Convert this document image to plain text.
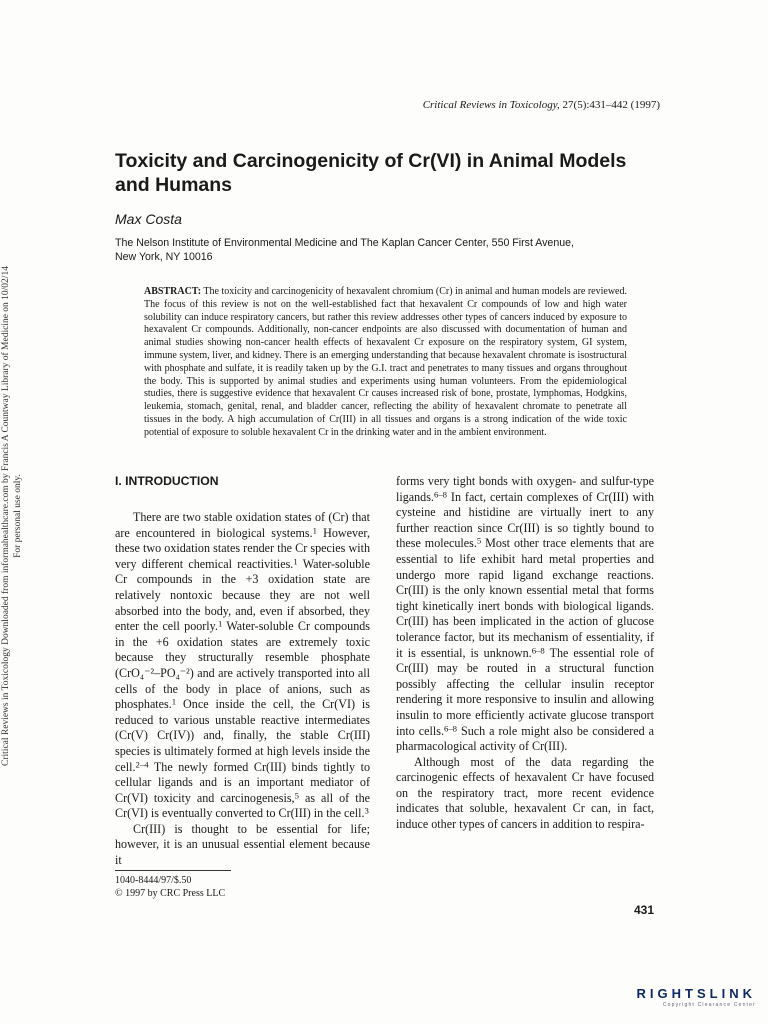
Critical Reviews in Toxicology Downloaded from informahealthcare.com by Francis A Countway Library of Medicine on 10/02/14 For personal use only.
Critical Reviews in Toxicology, 27(5):431–442 (1997)
Toxicity and Carcinogenicity of Cr(VI) in Animal Models and Humans
Max Costa
The Nelson Institute of Environmental Medicine and The Kaplan Cancer Center, 550 First Avenue,
New York, NY 10016

ABSTRACT: The toxicity and carcinogenicity of hexavalent chromium (Cr) in animal and human models are reviewed. The focus of this review is not on the well-established fact that hexavalent Cr compounds of low and high water solubility can induce respiratory cancers, but rather this review addresses other types of cancers induced by exposure to hexavalent Cr compounds. Additionally, non-cancer endpoints are also discussed with documentation of human and animal studies showing non-cancer health effects of hexavalent Cr exposure on the respiratory system, GI system, immune system, liver, and kidney. There is an emerging understanding that because hexavalent chromate is isostructural with phosphate and sulfate, it is readily taken up by the G.I. tract and penetrates to many tissues and organs throughout the body. This is supported by animal studies and experiments using human volunteers. From the epidemiological studies, there is suggestive evidence that hexavalent Cr causes increased risk of bone, prostate, lymphomas, Hodgkins, leukemia, stomach, genital, renal, and bladder cancer, reflecting the ability of hexavalent chromate to penetrate all tissues in the body. A high accumulation of Cr(III) in all tissues and organs is a strong indication of the wide toxic potential of exposure to soluble hexavalent Cr in the drinking water and in the ambient environment.

I. INTRODUCTION

There are two stable oxidation states of (Cr) that are encountered in biological systems.$^1$ However, these two oxidation states render the Cr species with very different chemical reactivities.$^1$ Water-soluble Cr compounds in the +3 oxidation state are relatively nontoxic because they are not well absorbed into the body, and, even if absorbed, they enter the cell poorly.$^1$ Water-soluble Cr compounds in the +6 oxidation states are extremely toxic because they structurally resemble phosphate (CrO₄⁻²–PO₄⁻²) and are actively transported into all cells of the body in place of anions, such as phosphates.$^1$ Once inside the cell, the Cr(VI) is reduced to various unstable reactive intermediates (Cr(V) Cr(IV)) and, finally, the stable Cr(III) species is ultimately formed at high levels inside the cell.$^{2-4}$ The newly formed Cr(III) binds tightly to cellular ligands and is an important mediator of Cr(VI) toxicity and carcinogenesis,$^5$ as all of the Cr(VI) is eventually converted to Cr(III) in the cell.$^3$

Cr(III) is thought to be essential for life; however, it is an unusual essential element because it

forms very tight bonds with oxygen- and sulfur-type ligands.$^{6-8}$ In fact, certain complexes of Cr(III) with cysteine and histidine are virtually inert to any further reaction since Cr(III) is so tightly bound to these molecules.$^5$ Most other trace elements that are essential to life exhibit hard metal properties and undergo more rapid ligand exchange reactions. Cr(III) is the only known essential metal that forms tight kinetically inert bonds with biological ligands. Cr(III) has been implicated in the action of glucose tolerance factor, but its mechanism of essentiality, if it is essential, is unknown.$^{6-8}$ The essential role of Cr(III) may be routed in a structural function possibly affecting the cellular insulin receptor rendering it more responsive to insulin and allowing insulin to more efficiently activate glucose transport into cells.$^{6-8}$ Such a role might also be considered a pharmacological activity of Cr(III).

Although most of the data regarding the carcinogenic effects of hexavalent Cr have focused on the respiratory tract, more recent evidence indicates that soluble, hexavalent Cr can, in fact, induce other types of cancers in addition to respira-

1040-8444/97/$.50
© 1997 by CRC Press LLC
431
RIGHTSLINK
Copyright Clearance Center
